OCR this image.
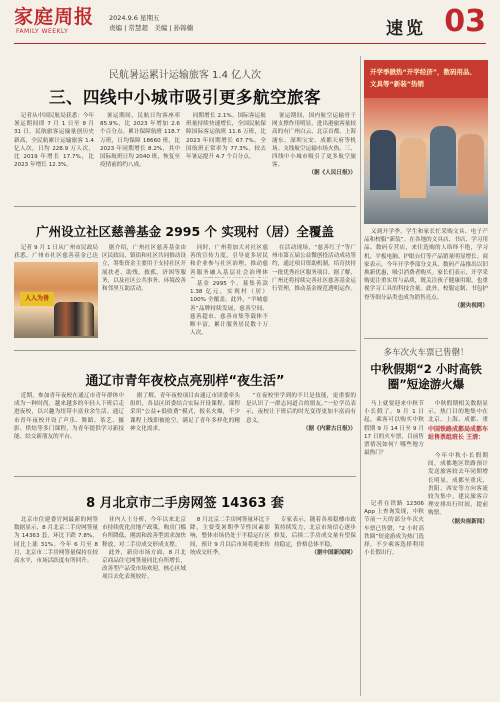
家庭周报
FAMILY WEEKLY
2024.9.6 星期五
责编 | 常慧超　美编 | 孙锦楠	速览 03
民航暑运累计运输旅客 1.4 亿人次
三、四线中小城市吸引更多航空旅客

记者从中国民航局获悉：今年暑运期间即 7 月 1 日至 8 月 31 日，民航旅客运输量创历史新高，全民航累计运输旅客 1.4 亿人次，日均 228.9 万人次，比 2019 年增长 17.7%，比 2023 年增长 12.3%。

暑运期间，民航日均客座率 85.9%，比 2023 年增加 2.6 个百分点。累计保障航班 118.7 万班，日均保障 18660 班，比 2023 年同期增长 8.2%，其中国际航班日均 2040 班，恢复至疫情前的约八成。

同期增长 2.1%。国际客运航班量持续快速增长，全国民航保障国际客运航班 11.6 万班，比 2023 年同期增长 67.7%。全国航班正常率为 77.3%，较去年暑运提升 4.7 个百分点。

暑运期间，国内航空运输骨干网支撑作用明显，进出港旅客量较高的有广州白云、北京首都、上海浦东、深圳宝安、成都天府等机场。支线航空运输市场火热，三、四线中小城市吸引了更多航空旅客。

（据《人民日报》）
广州设立社区慈善基金 2995 个 实现村（居）全覆盖

记者 9 月 1 日从广州市民政局获悉，广州市社区慈善基金已达

人人为善

据介绍，广州社区慈善基金由区民政局、镇街和社区共同推动设立，筹集资金主要用于支持社区开展扶老、助残、救孤、济困等服务，以及社区公共事务、环境改善和邻里互助活动。

基金 2995 个，募集善款 1.38 亿元，实现村（居）100% 全覆盖。此外，“羊城慈善”品牌持续发展，慈善空间、慈善超市、慈善市集等载体不断丰富，累计服务居民数十万人次。

在活动现场，“慈善红子”等广州市第五届公益微创投活动成功签约，通过项目资助机制，培育扶持一批优秀社区服务项目。据了解，广州还将持续完善社区慈善基金运行管理，推动基金规范透明运作。

同时，广州将加大对社区慈善的宣传力度，引导更多居民和企业参与社区治理，推动慈善服务融入基层社会治理体

通辽市青年夜校点亮别样“夜生活”

近期，参加青年夜校在通辽市青年群体中成为一种时尚，越来越多的年轻人下班后走进夜校，以兴趣为纽带丰富业余生活。通辽市青年夜校开设了声乐、舞蹈、茶艺、摄影、烘焙等多门课程，为青年提供学习新技能、结交新朋友的平台。

据了解，青年夜校项目由通辽市团委牵头组织，各县区团委结合实际开设课程。课程采用“公益+低收费”模式，报名火爆，不少课程上线即被抢空，满足了青年多样化的精神文化需求。

“在夜校里学到的不只是技能，更重要的是认识了一群志同道合的朋友。”一位学员表示，夜校让下班后的时光变得更加丰富而有意义。

（据《内蒙古日报》）
8 月北京市二手房网签 14363 套

北京市住建委官网最新的网签数据显示，8 月北京二手房网签量为 14363 套，环比下跌 7.8%，同比上涨 31%。今年 6 月至 8 月，北京市二手房网签量保持在较高水平，市场活跃度有所回升。

业内人士分析，今年以来北京市持续优化房地产政策，购房门槛有所降低，刚需和改善型需求加快释放，对二手房成交形成支撑。

此外，新房市场方面，8 月北京商品住宅网签量同比有所增长，改善型产品受市场欢迎，核心区域项目去化表现较好。

8 月北京二手房网签量环比下降，主要受暑期季节性因素影响，整体市场仍处于平稳运行区间，预计 9 月以后市场将迎来传统成交旺季。

专家表示，随着各项稳楼市政策持续发力，北京市场信心逐步修复，后续二手房成交量有望保持稳定，价格总体平稳。

（据中国新闻网）
开学季掀热“开学经济”，数码用品、文具等“新装”热销

又到开学季，学生和家长忙采购文具、电子产品和校服“新装”。在各地的文具店、书店、学习用品、数码专营店，来往选购的人络绎不绝，学习机、平板电脑、护眼台灯等产品销量明显增长。商家表示，今年开学季部分文具、数码产品推出以旧换新优惠，吸引消费者购买。家长们表示，开学采购更注重实用与品质，既关注孩子健康用眼，也重视学习工具的科技含量。此外，校服定制、书包护脊等细分品类也成为销售亮点。

（据央视网）
多车次火车票已售罄！
中秋假期“2 小时高铁圈”短途游火爆

马上就要迎来中秋节小长假了。9 月 1 日起，乘客可以购买中秋假期 9 月 14 日至 9 月 17 日的火车票，目前售票情况如何？哪些地方最热门？

中秋假期相关数据显示，热门目的地集中在北京、上海、成都、重

中国铁路成都局成都车站售票组班长 王清：

记者在铁路 12306 App 上查询发现，中秋节前一天的部分车次火车票已售罄，“2 小时高铁圈”短途游成为热门选择，不少乘客选择利用小长假出行。

今年中秋小长假期间，成都地区铁路预计发送旅客较去年同期增长明显，成都至重庆、贵阳、西安等方向客流较为集中，建议旅客合理安排出行时间，提前购票。

（据央视新闻）
